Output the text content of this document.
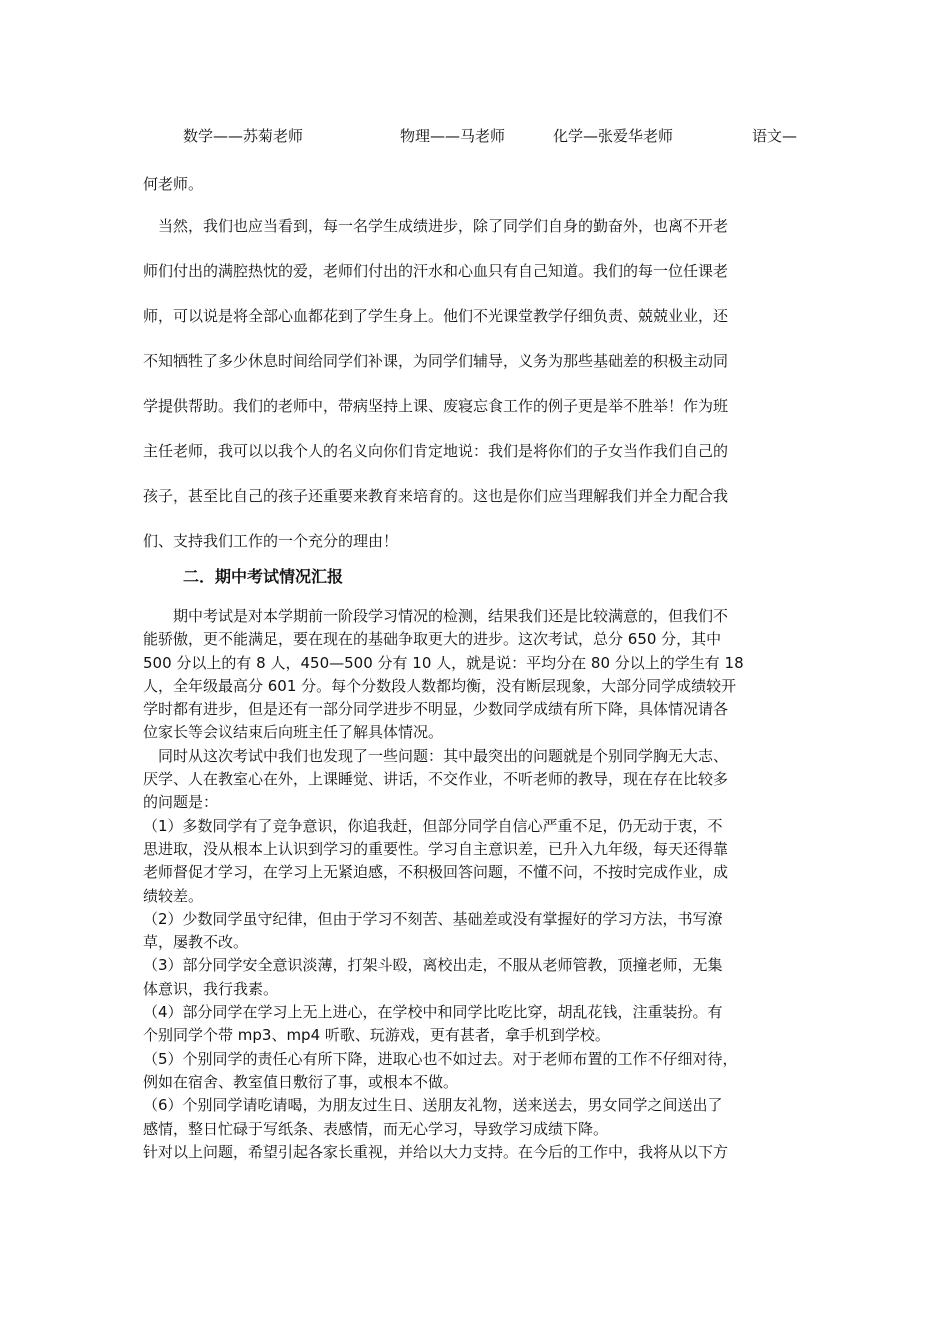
数学——苏菊老师	物理——马老师	化学—张爱华老师	语文—
何老师。
　当然，我们也应当看到，每一名学生成绩进步，除了同学们自身的勤奋外，也离不开老
师们付出的满腔热忱的爱，老师们付出的汗水和心血只有自己知道。我们的每一位任课老
师，可以说是将全部心血都花到了学生身上。他们不光课堂教学仔细负责、兢兢业业，还
不知牺牲了多少休息时间给同学们补课，为同学们辅导，义务为那些基础差的积极主动同
学提供帮助。我们的老师中，带病坚持上课、废寝忘食工作的例子更是举不胜举！作为班
主任老师，我可以以我个人的名义向你们肯定地说：我们是将你们的子女当作我们自己的
孩子，甚至比自己的孩子还重要来教育来培育的。这也是你们应当理解我们并全力配合我
们、支持我们工作的一个充分的理由！
二．期中考试情况汇报
　　期中考试是对本学期前一阶段学习情况的检测，结果我们还是比较满意的，但我们不
能骄傲，更不能满足，要在现在的基础争取更大的进步。这次考试，总分 650 分，其中
500 分以上的有 8 人，450—500 分有 10 人，就是说：平均分在 80 分以上的学生有 18
人，全年级最高分 601 分。每个分数段人数都均衡，没有断层现象，大部分同学成绩较开
学时都有进步，但是还有一部分同学进步不明显，少数同学成绩有所下降，具体情况请各
位家长等会议结束后向班主任了解具体情况。
　同时从这次考试中我们也发现了一些问题：其中最突出的问题就是个别同学胸无大志、
厌学、人在教室心在外，上课睡觉、讲话，不交作业，不听老师的教导，现在存在比较多
的问题是：
（1）多数同学有了竞争意识，你追我赶，但部分同学自信心严重不足，仍无动于衷，不
思进取，没从根本上认识到学习的重要性。学习自主意识差，已升入九年级，每天还得靠
老师督促才学习，在学习上无紧迫感，不积极回答问题，不懂不问，不按时完成作业，成
绩较差。
（2）少数同学虽守纪律，但由于学习不刻苦、基础差或没有掌握好的学习方法，书写潦
草，屡教不改。
（3）部分同学安全意识淡薄，打架斗殴，离校出走，不服从老师管教，顶撞老师，无集
体意识，我行我素。
（4）部分同学在学习上无上进心，在学校中和同学比吃比穿，胡乱花钱，注重装扮。有
个别同学个带 mp3、mp4 听歌、玩游戏，更有甚者，拿手机到学校。
（5）个别同学的责任心有所下降，进取心也不如过去。对于老师布置的工作不仔细对待，
例如在宿舍、教室值日敷衍了事，或根本不做。
（6）个别同学请吃请喝，为朋友过生日、送朋友礼物，送来送去，男女同学之间送出了
感情，整日忙碌于写纸条、表感情，而无心学习，导致学习成绩下降。
针对以上问题，希望引起各家长重视，并给以大力支持。在今后的工作中，我将从以下方
